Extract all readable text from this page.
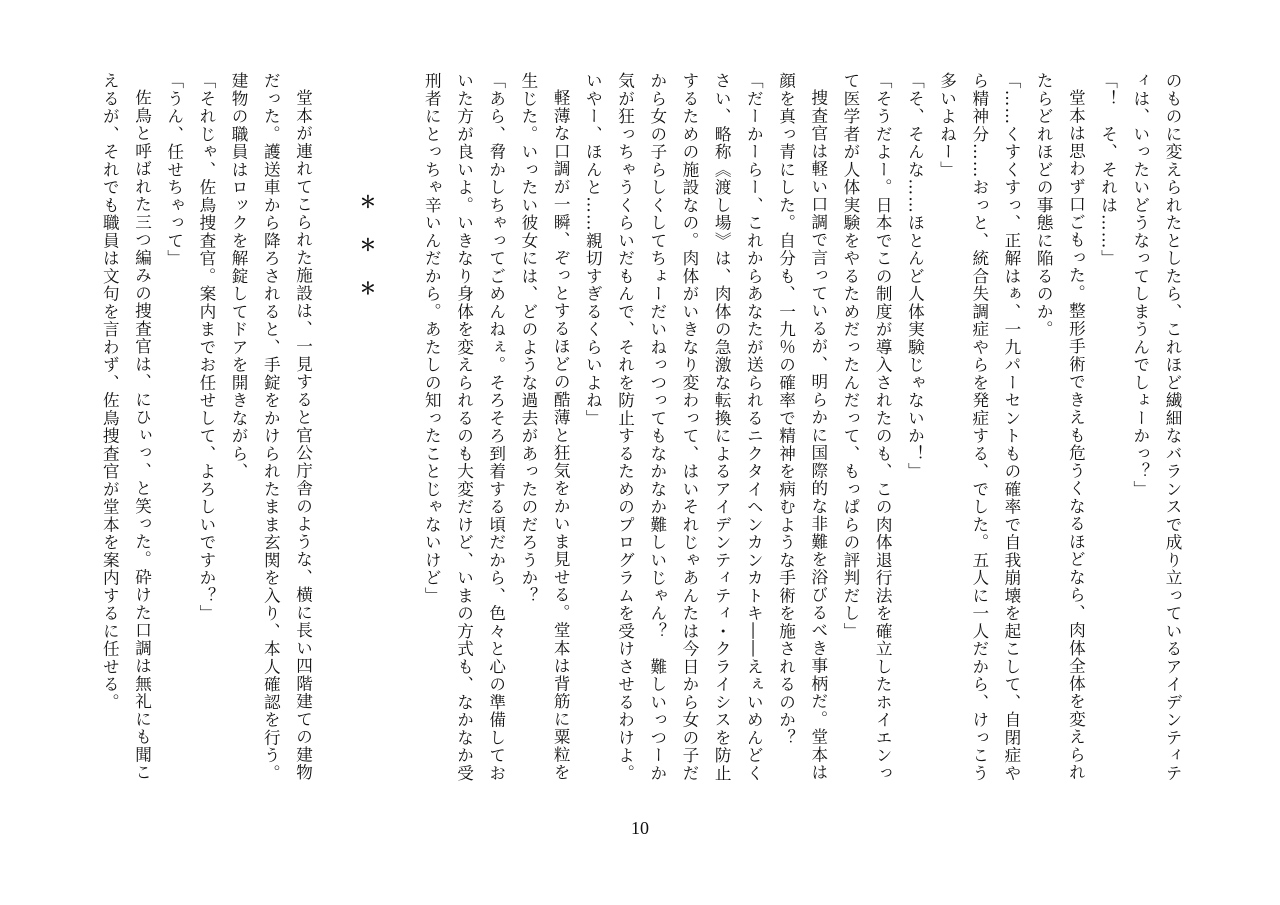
のものに変えられたとしたら、これほど繊細なバランスで成り立っているアイデンティテ
ィは、いったいどうなってしまうんでしょーかっ？」
「！　そ、それは……」
堂本は思わず口ごもった。整形手術できえも危うくなるほどなら、肉体全体を変えられ
たらどれほどの事態に陥るのか。
「……くすくすっ、正解はぁ、一九パーセントもの確率で自我崩壊を起こして、自閉症や
ら精神分……おっと、統合失調症やらを発症する、でした。五人に一人だから、けっこう
多いよねー」
「そ、そんな……ほとんど人体実験じゃないか！」
「そうだよー。日本でこの制度が導入されたのも、この肉体退行法を確立したホイエンっ
て医学者が人体実験をやるためだったんだって、もっぱらの評判だし」
捜査官は軽い口調で言っているが、明らかに国際的な非難を浴びるべき事柄だ。堂本は
顔を真っ青にした。自分も、一九％の確率で精神を病むような手術を施されるのか？
「だーかーらー、これからあなたが送られるニクタイヘンカンカトキ――えぇいめんどく
さい、略称《渡し場》は、肉体の急激な転換によるアイデンティティ・クライシスを防止
するための施設なの。肉体がいきなり変わって、はいそれじゃあんたは今日から女の子だ
から女の子らしくしてちょーだいねっつってもなかなか難しいじゃん？　難しいっつーか
気が狂っちゃうくらいだもんで、それを防止するためのプログラムを受けさせるわけよ。
いやー、ほんと……親切すぎるくらいよね」
軽薄な口調が一瞬、ぞっとするほどの酷薄と狂気をかいま見せる。堂本は背筋に粟粒を
生じた。いったい彼女には、どのような過去があったのだろうか？
「あら、脅かしちゃってごめんねぇ。そろそろ到着する頃だから、色々と心の準備してお
いた方が良いよ。いきなり身体を変えられるのも大変だけど、いまの方式も、なかなか受
刑者にとっちゃ辛いんだから。あたしの知ったことじゃないけど」

＊＊＊

堂本が連れてこられた施設は、一見すると官公庁舎のような、横に長い四階建ての建物
だった。護送車から降ろされると、手錠をかけられたまま玄関を入り、本人確認を行う。
建物の職員はロックを解錠してドアを開きながら、
「それじゃ、佐鳥捜査官。案内までお任せして、よろしいですか？」
「うん、任せちゃって」
佐鳥と呼ばれた三つ編みの捜査官は、にひぃっ、と笑った。砕けた口調は無礼にも聞こ
えるが、それでも職員は文句を言わず、佐鳥捜査官が堂本を案内するに任せる。
10
